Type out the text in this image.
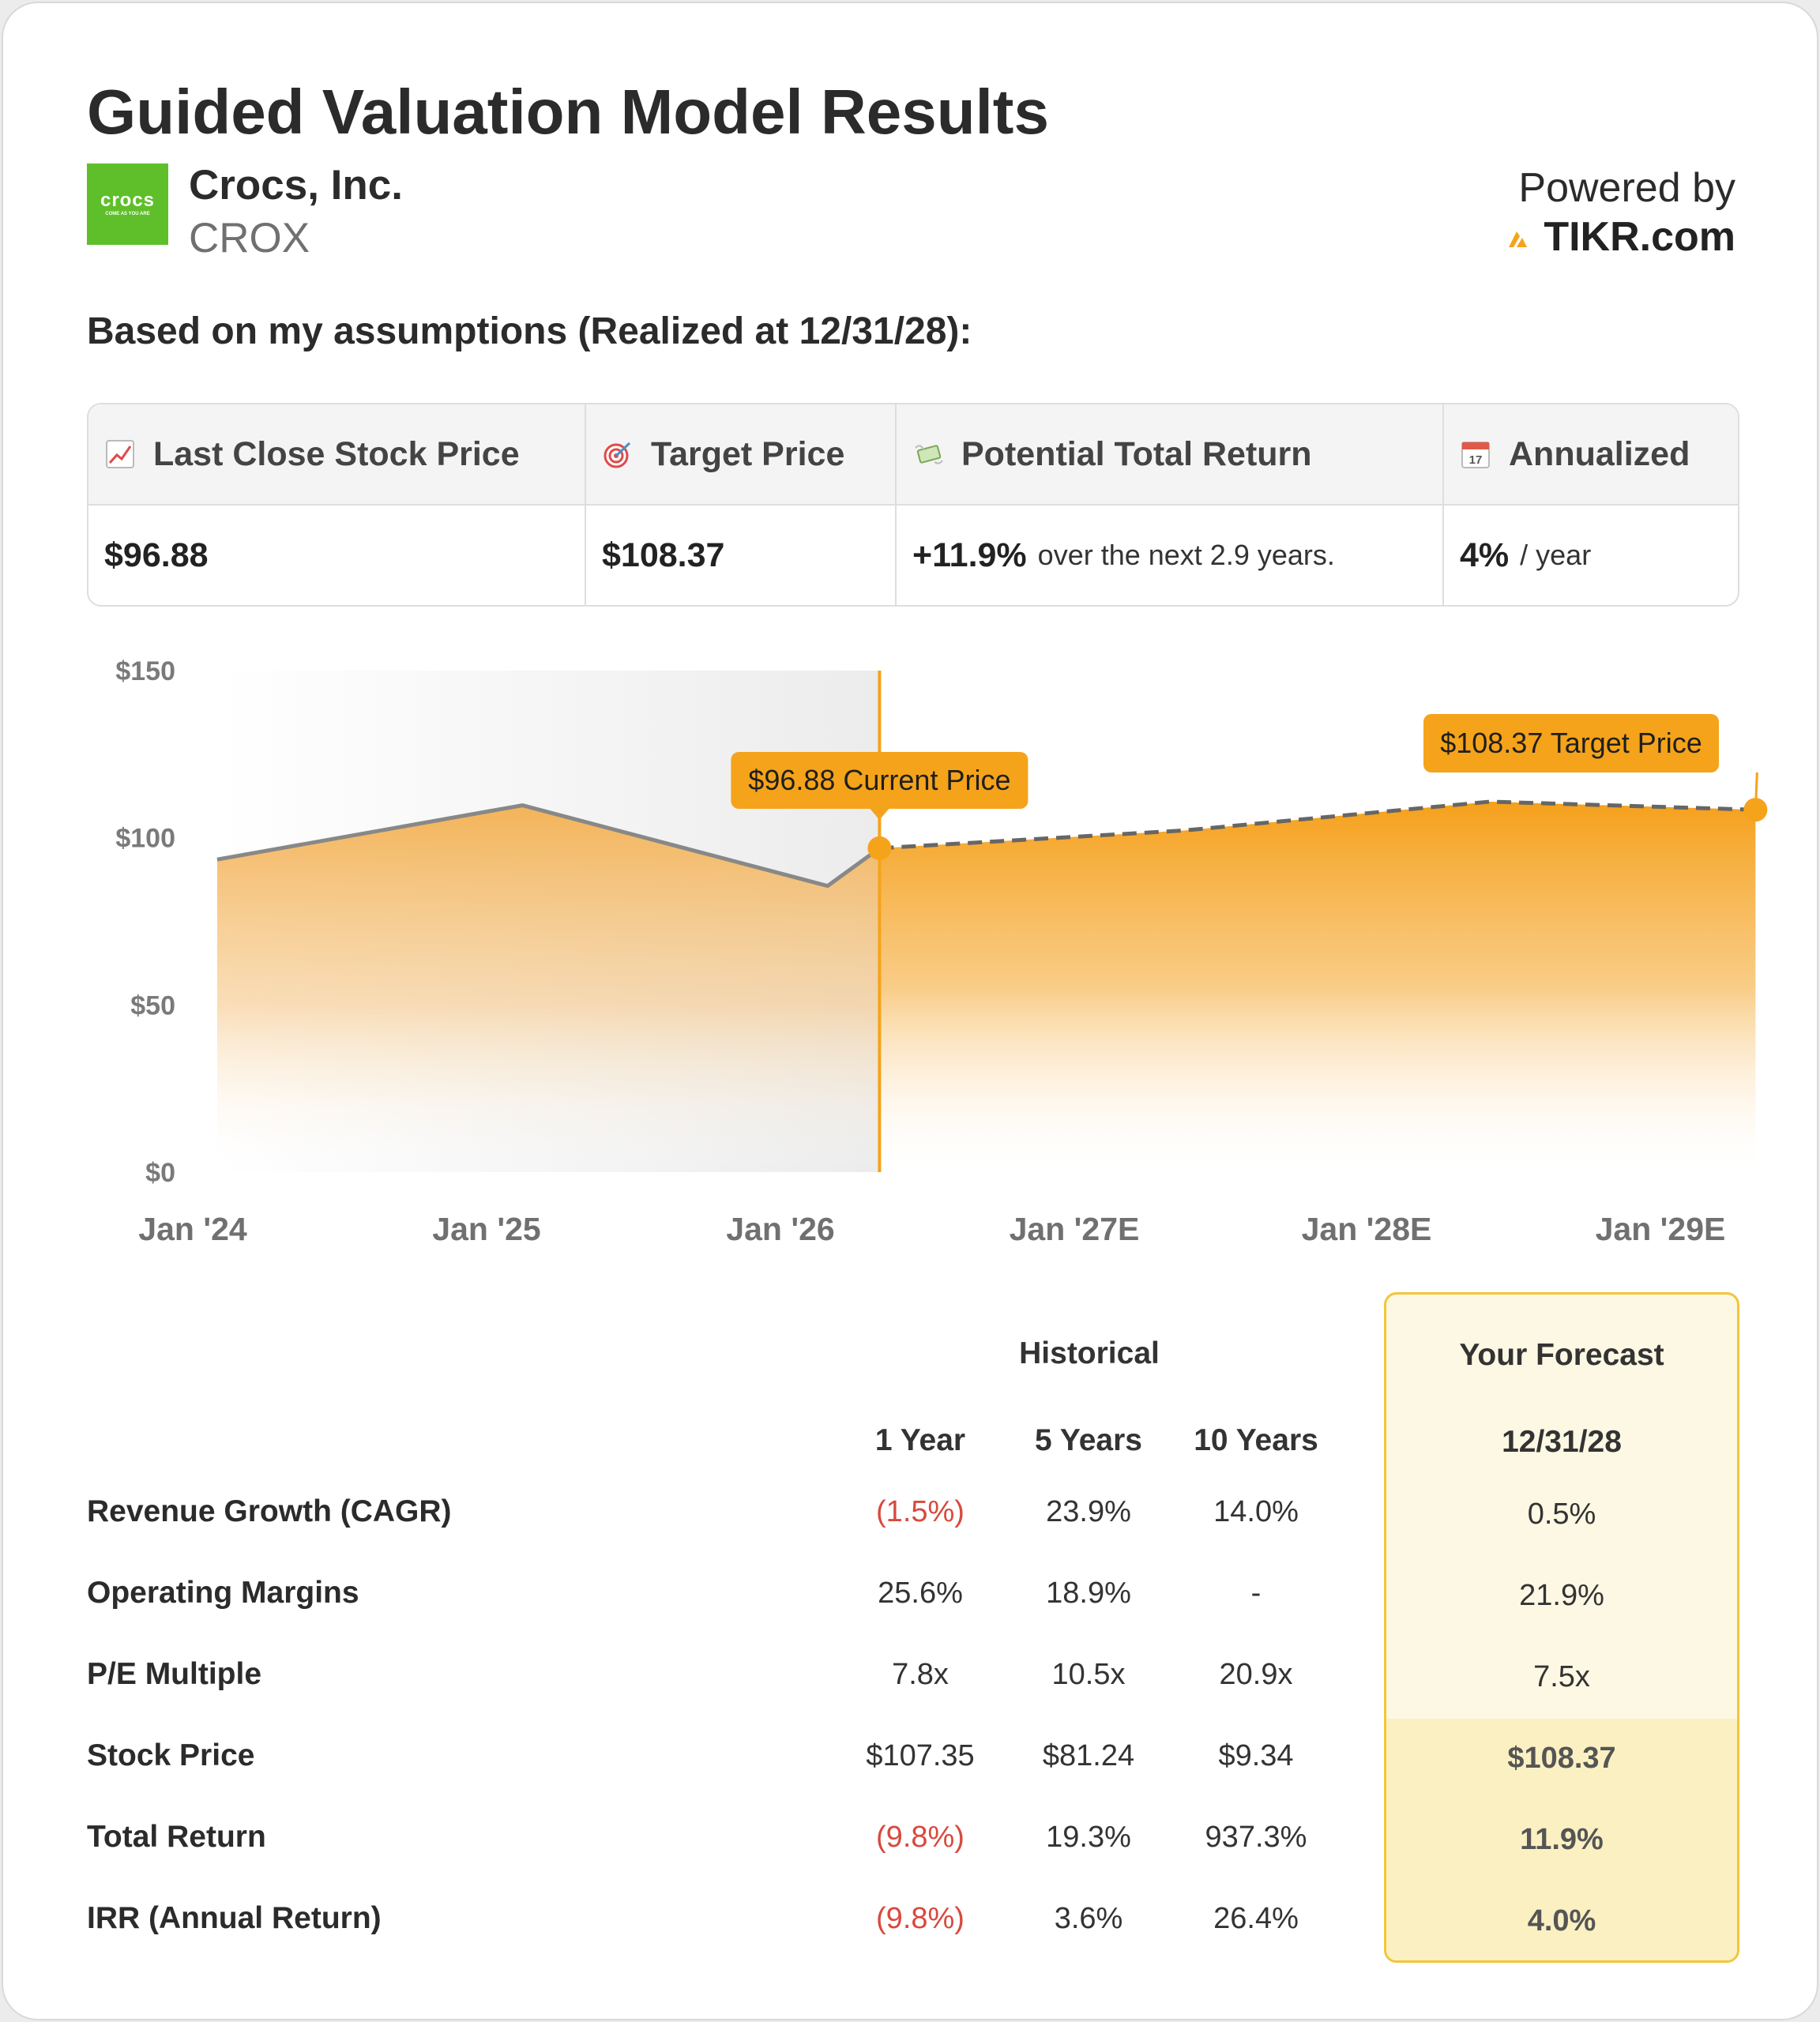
Guided Valuation Model Results
crocs
COME AS YOU ARE
Crocs, Inc.
CROX
Powered by
TIKR.com
Based on my assumptions (Realized at 12/31/28):
Last Close Stock Price	Target Price	Potential Total Return	17 Annualized
$96.88	$108.37	+11.9% over the next 2.9 years.	4% / year
$150
$100
$50
$0
Jan '24	Jan '25	Jan '26	Jan '27E	Jan '28E	Jan '29E
$96.88 Current Price
$108.37 Target Price
Historical	Your Forecast
1 Year	5 Years	10 Years	12/31/28
Revenue Growth (CAGR)	(1.5%)	23.9%	14.0%	0.5%
Operating Margins	25.6%	18.9%	-	21.9%
P/E Multiple	7.8x	10.5x	20.9x	7.5x
Stock Price	$107.35	$81.24	$9.34	$108.37
Total Return	(9.8%)	19.3%	937.3%	11.9%
IRR (Annual Return)	(9.8%)	3.6%	26.4%	4.0%
